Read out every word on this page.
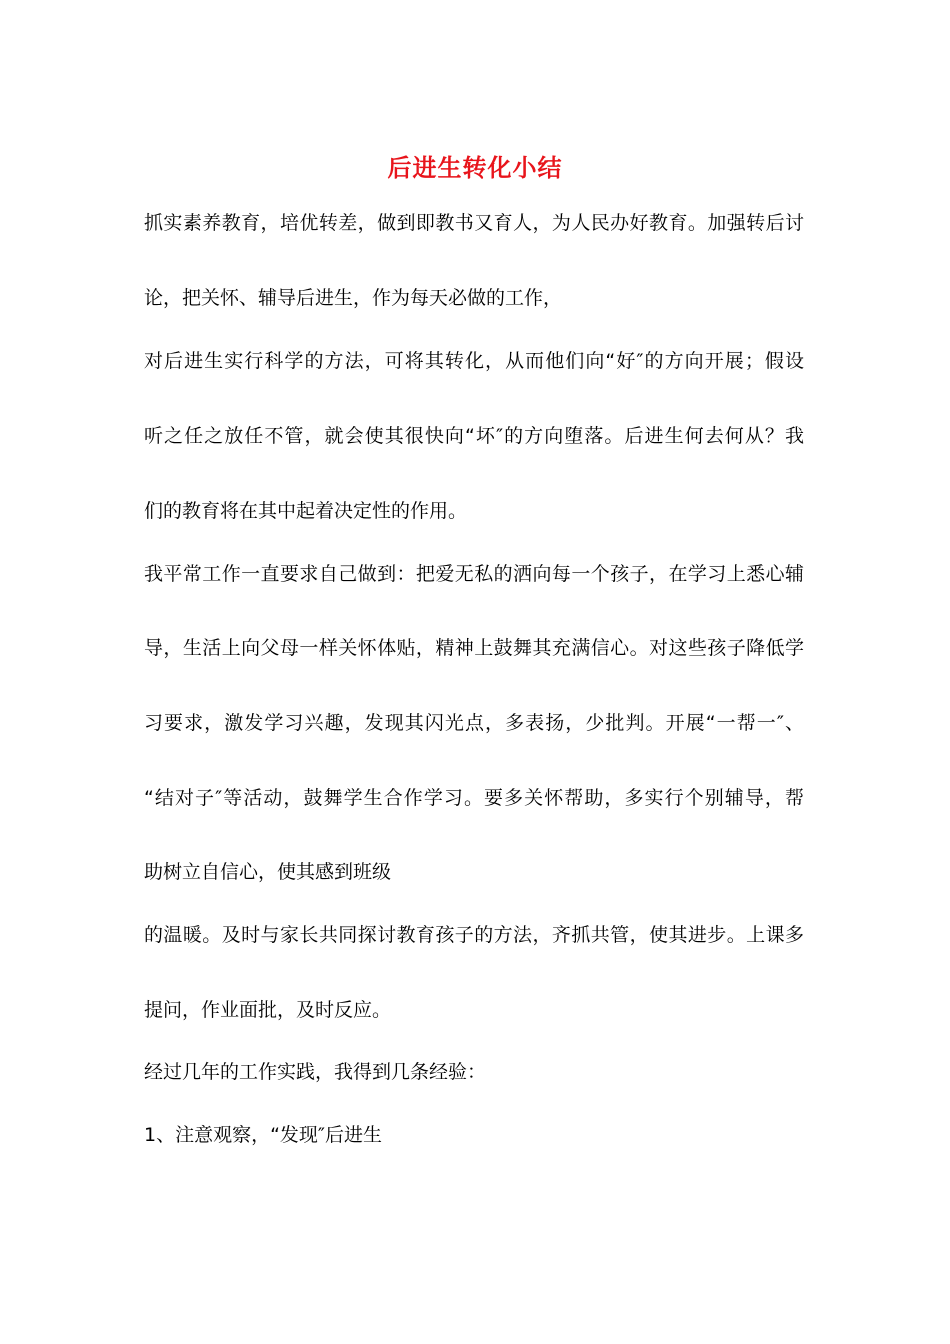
后进生转化小结
抓实素养教育，培优转差，做到即教书又育人，为人民办好教育。加强转后讨
论，把关怀、辅导后进生，作为每天必做的工作，
对后进生实行科学的方法，可将其转化，从而他们向“好″的方向开展；假设
听之任之放任不管，就会使其很快向“坏″的方向堕落。后进生何去何从？我
们的教育将在其中起着决定性的作用。
我平常工作一直要求自己做到：把爱无私的洒向每一个孩子，在学习上悉心辅
导，生活上向父母一样关怀体贴，精神上鼓舞其充满信心。对这些孩子降低学
习要求，激发学习兴趣，发现其闪光点，多表扬，少批判。开展“一帮一″、
“结对子″等活动，鼓舞学生合作学习。要多关怀帮助，多实行个别辅导，帮
助树立自信心，使其感到班级
的温暖。及时与家长共同探讨教育孩子的方法，齐抓共管，使其进步。上课多
提问，作业面批，及时反应。
经过几年的工作实践，我得到几条经验：
1、注意观察，“发现″后进生
